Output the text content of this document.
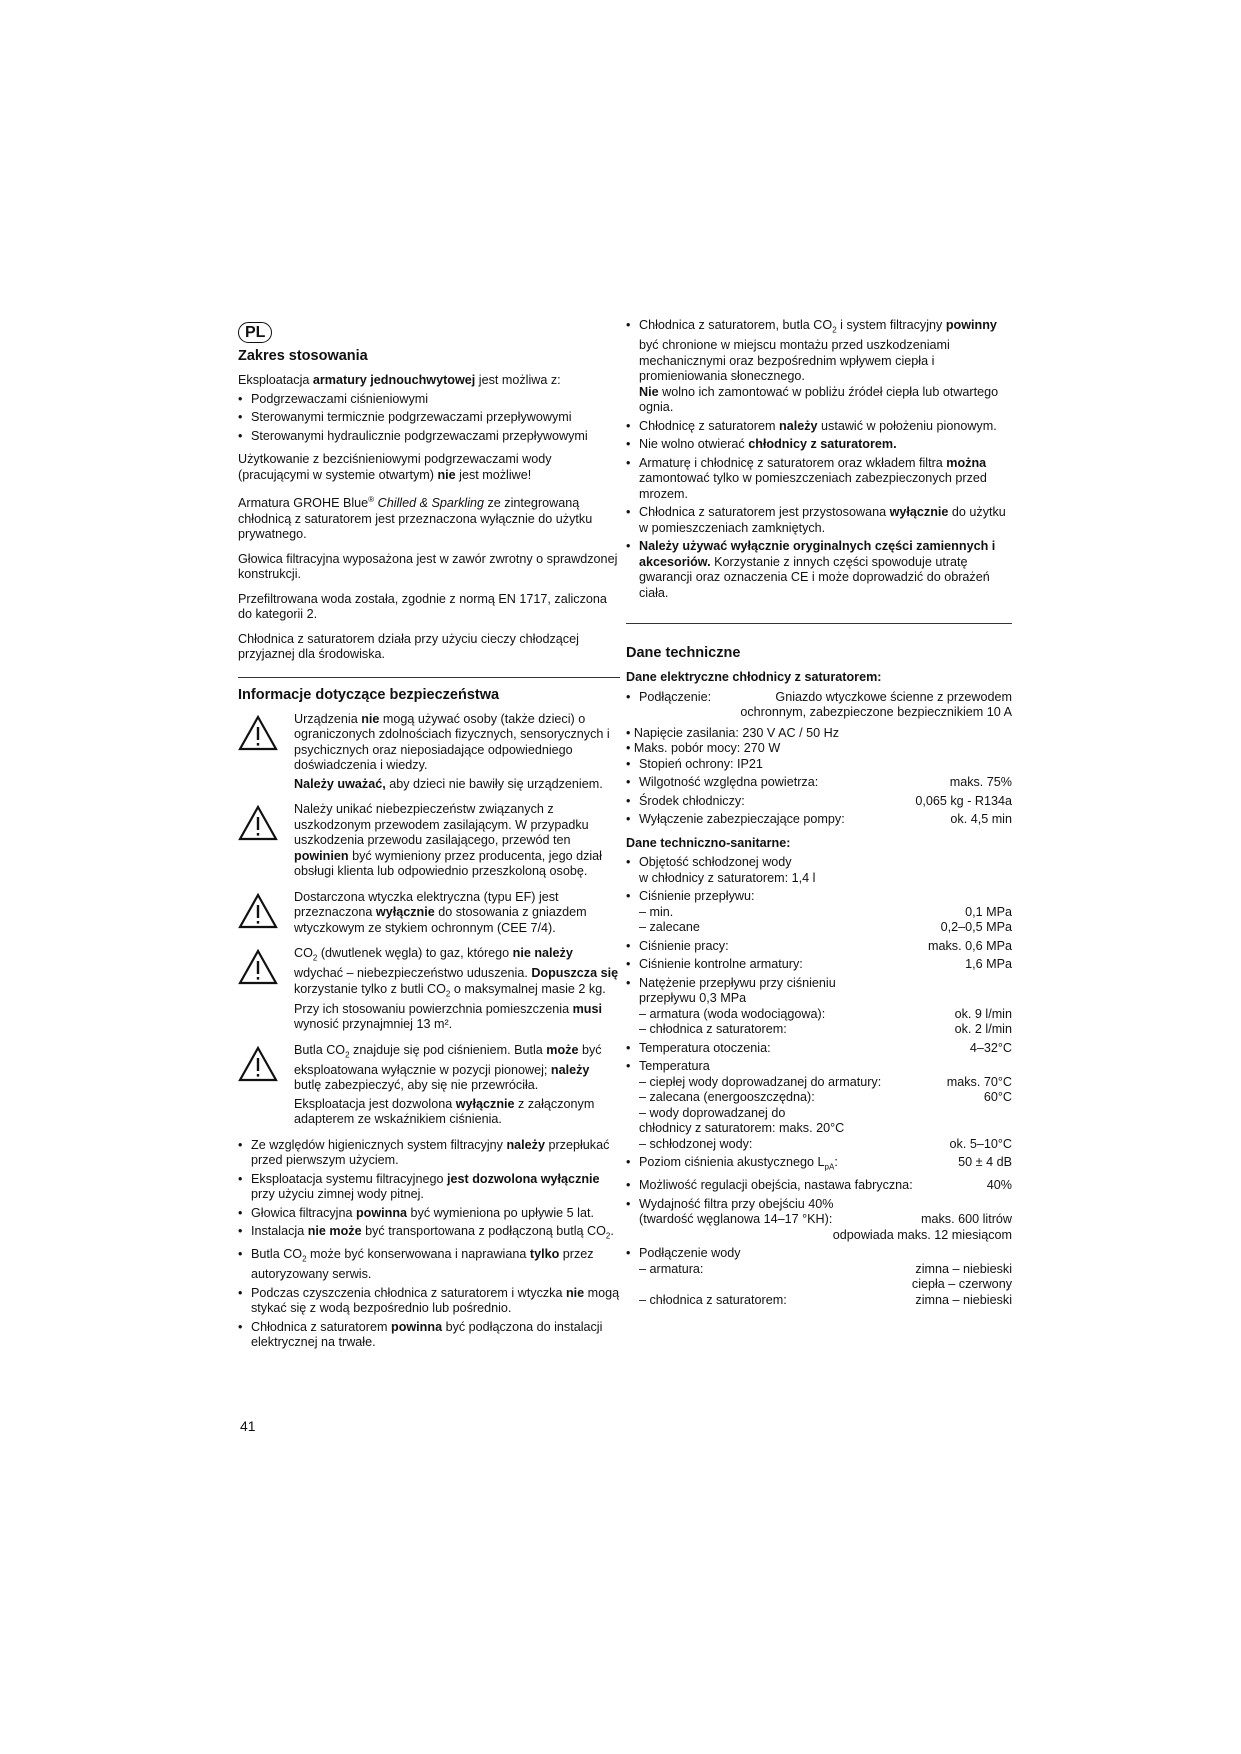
PL
Zakres stosowania

Eksploatacja armatury jednouchwytowej jest możliwa z:

• Podgrzewaczami ciśnieniowymi
• Sterowanymi termicznie podgrzewaczami przepływowymi
• Sterowanymi hydraulicznie podgrzewaczami przepływowymi

Użytkowanie z bezciśnieniowymi podgrzewaczami wody (pracującymi w systemie otwartym) nie jest możliwe!

Armatura GROHE Blue® Chilled & Sparkling ze zintegrowaną chłodnicą z saturatorem jest przeznaczona wyłącznie do użytku prywatnego.

Głowica filtracyjna wyposażona jest w zawór zwrotny o sprawdzonej konstrukcji.

Przefiltrowana woda została, zgodnie z normą EN 1717, zaliczona do kategorii 2.

Chłodnica z saturatorem działa przy użyciu cieczy chłodzącej przyjaznej dla środowiska.

Informacje dotyczące bezpieczeństwa

Urządzenia nie mogą używać osoby (także dzieci) o ograniczonych zdolnościach fizycznych, sensorycznych i psychicznych oraz nieposiadające odpowiedniego doświadczenia i wiedzy.

Należy uważać, aby dzieci nie bawiły się urządzeniem.

Należy unikać niebezpieczeństw związanych z uszkodzonym przewodem zasilającym. W przypadku uszkodzenia przewodu zasilającego, przewód ten powinien być wymieniony przez producenta, jego dział obsługi klienta lub odpowiednio przeszkoloną osobę.

Dostarczona wtyczka elektryczna (typu EF) jest przeznaczona wyłącznie do stosowania z gniazdem wtyczkowym ze stykiem ochronnym (CEE 7/4).

$CO_2$ (dwutlenek węgla) to gaz, którego nie należy wdychać – niebezpieczeństwo uduszenia. Dopuszcza się korzystanie tylko z butli $CO_2$ o maksymalnej masie 2 kg. Przy ich stosowaniu powierzchnia pomieszczenia musi wynosić przynajmniej 13 m².

Butla $CO_2$ znajduje się pod ciśnieniem. Butla może być eksploatowana wyłącznie w pozycji pionowej; należy butlę zabezpieczyć, aby się nie przewróciła.

Eksploatacja jest dozwolona wyłącznie z załączonym adapterem ze wskaźnikiem ciśnienia.

• Ze względów higienicznych system filtracyjny należy przepłukać przed pierwszym użyciem.
• Eksploatacja systemu filtracyjnego jest dozwolona wyłącznie przy użyciu zimnej wody pitnej.
• Głowica filtracyjna powinna być wymieniona po upływie 5 lat.
• Instalacja nie może być transportowana z podłączoną butlą $CO_2$.
• Butla $CO_2$ może być konserwowana i naprawiana tylko przez autoryzowany serwis.
• Podczas czyszczenia chłodnica z saturatorem i wtyczka nie mogą stykać się z wodą bezpośrednio lub pośrednio.
• Chłodnica z saturatorem powinna być podłączona do instalacji elektrycznej na trwałe.
• Chłodnica z saturatorem, butla $CO_2$ i system filtracyjny powinny być chronione w miejscu montażu przed uszkodzeniami mechanicznymi oraz bezpośrednim wpływem ciepła i promieniowania słonecznego.
Nie wolno ich zamontować w pobliżu źródeł ciepła lub otwartego ognia.
• Chłodnicę z saturatorem należy ustawić w położeniu pionowym.
• Nie wolno otwierać chłodnicy z saturatorem.
• Armaturę i chłodnicę z saturatorem oraz wkładem filtra można zamontować tylko w pomieszczeniach zabezpieczonych przed mrozem.
• Chłodnica z saturatorem jest przystosowana wyłącznie do użytku w pomieszczeniach zamkniętych.
• Należy używać wyłącznie oryginalnych części zamiennych i akcesoriów. Korzystanie z innych części spowoduje utratę gwarancji oraz oznaczenia CE i może doprowadzić do obrażeń ciała.
Dane techniczne
Dane elektryczne chłodnicy z saturatorem:
• Podłączenie:	Gniazdo wtyczkowe ścienne z przewodem ochronnym, zabezpieczone bezpiecznikiem 10 A
• Napięcie zasilania: 230 V AC / 50 Hz
• Maks. pobór mocy: 270 W
• Stopień ochrony: IP21
• Wilgotność względna powietrza:	maks. 75%
• Środek chłodniczy:	0,065 kg - R134a
• Wyłączenie zabezpieczające pompy:	ok. 4,5 min
Dane techniczno-sanitarne:
• Objętość schłodzonej wody
w chłodnicy z saturatorem: 1,4 l
• Ciśnienie przepływu:
– min.	0,1 MPa
– zalecane	0,2–0,5 MPa
• Ciśnienie pracy:	maks. 0,6 MPa
• Ciśnienie kontrolne armatury:	1,6 MPa
• Natężenie przepływu przy ciśnieniu przepływu 0,3 MPa
– armatura (woda wodociągowa):	ok. 9 l/min
– chłodnica z saturatorem:	ok. 2 l/min
• Temperatura otoczenia:	4–32°C
• Temperatura
– ciepłej wody doprowadzanej do armatury:	maks. 70°C
– zalecana (energooszczędna):	60°C
– wody doprowadzanej do
chłodnicy z saturatorem: maks. 20°C
– schłodzonej wody:	ok. 5–10°C
• Poziom ciśnienia akustycznego $L_{pA}$:	50 ± 4 dB
• Możliwość regulacji obejścia, nastawa fabryczna:	40%
• Wydajność filtra przy obejściu 40%
(twardość węglanowa 14–17 °KH):	maks. 600 litrów
odpowiada maks. 12 miesiącom
• Podłączenie wody
– armatura:	zimna – niebieski
ciepła – czerwony
– chłodnica z saturatorem:	zimna – niebieski
41
